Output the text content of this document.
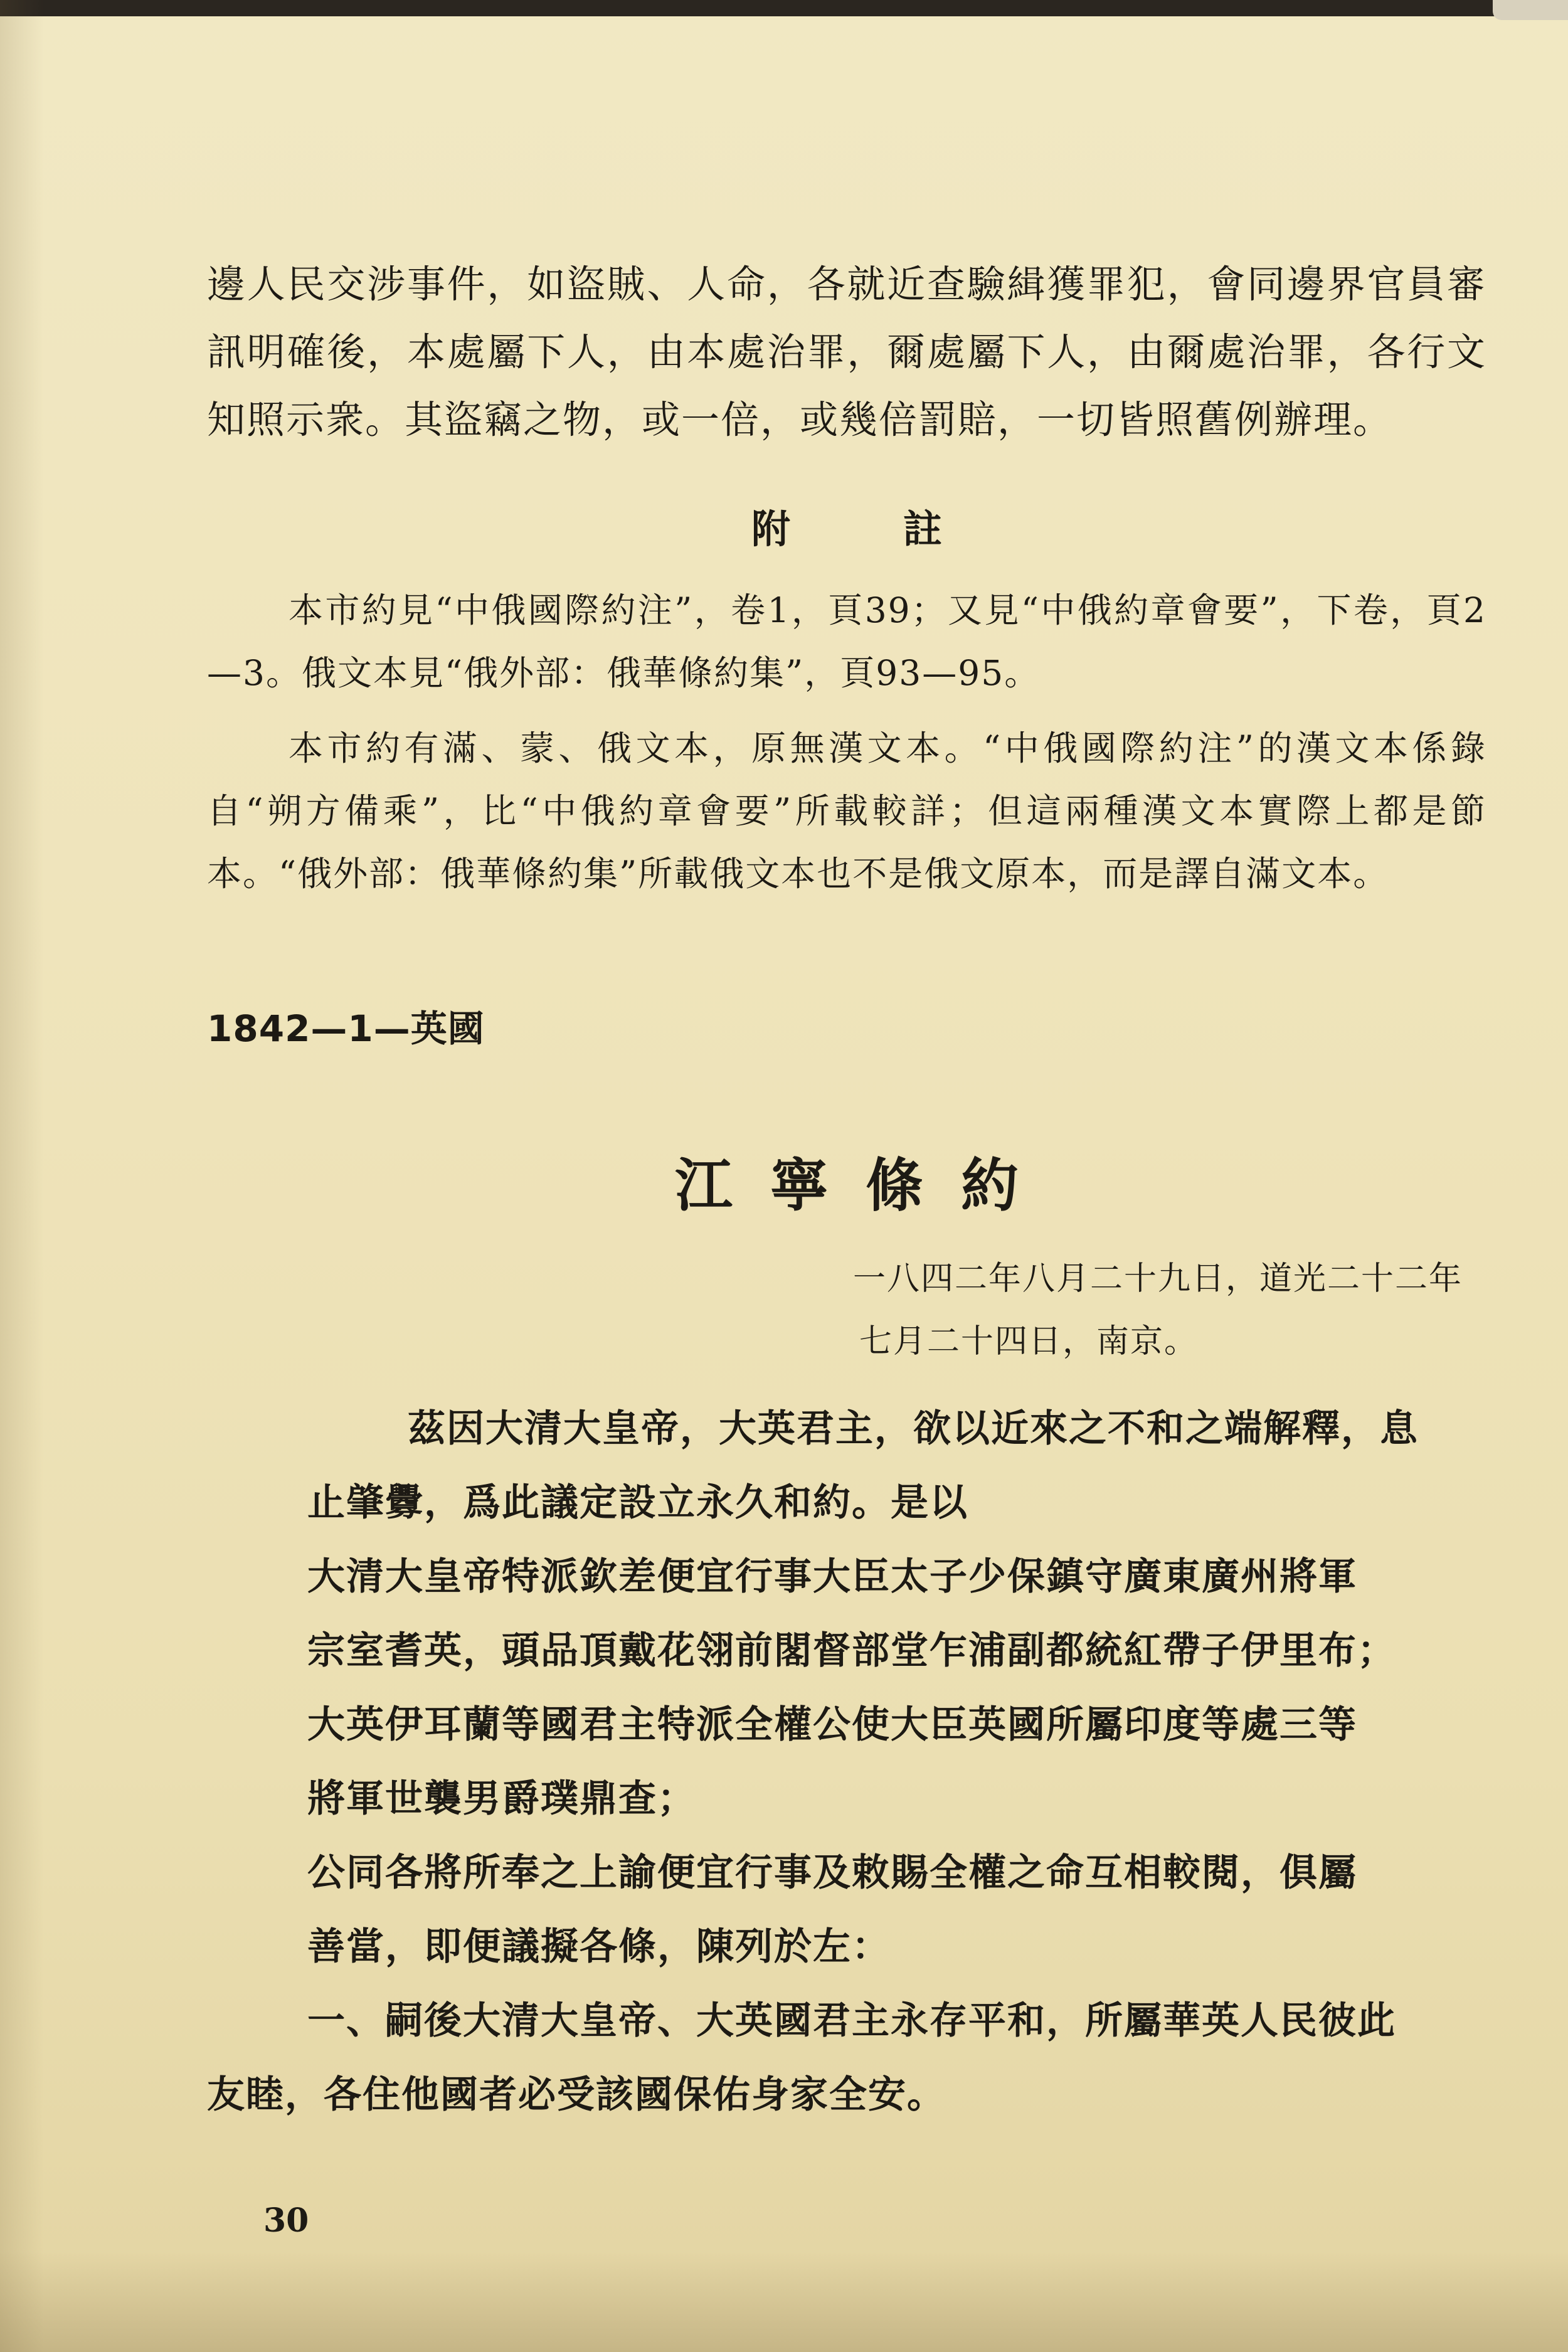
邊人民交涉事件，如盜賊、人命，各就近查驗緝獲罪犯，會同邊界官員審訊明確後，本處屬下人，由本處治罪，爾處屬下人，由爾處治罪，各行文知照示衆。其盜竊之物，或一倍，或幾倍罰賠，一切皆照舊例辦理。

附註

本市約見“中俄國際約注”，卷1，頁39；又見“中俄約章會要”，下卷，頁2—3。俄文本見“俄外部：俄華條約集”，頁93—95。

本市約有滿、蒙、俄文本，原無漢文本。“中俄國際約注”的漢文本係錄自“朔方備乘”，比“中俄約章會要”所載較詳；但這兩種漢文本實際上都是節本。“俄外部：俄華條約集”所載俄文本也不是俄文原本，而是譯自滿文本。

1842—1—英國
江寧條約
一八四二年八月二十九日，道光二十二年
七月二十四日，南京。
茲因大清大皇帝，大英君主，欲以近來之不和之端解釋，息
止肇釁，爲此議定設立永久和約。是以
大清大皇帝特派欽差便宜行事大臣太子少保鎮守廣東廣州將軍
宗室耆英，頭品頂戴花翎前閣督部堂乍浦副都統紅帶子伊里布；
大英伊耳蘭等國君主特派全權公使大臣英國所屬印度等處三等
將軍世襲男爵璞鼎查；
公同各將所奉之上諭便宜行事及敕賜全權之命互相較閱，俱屬
善當，即便議擬各條，陳列於左：
一、嗣後大清大皇帝、大英國君主永存平和，所屬華英人民彼此
友睦，各住他國者必受該國保佑身家全安。
30
